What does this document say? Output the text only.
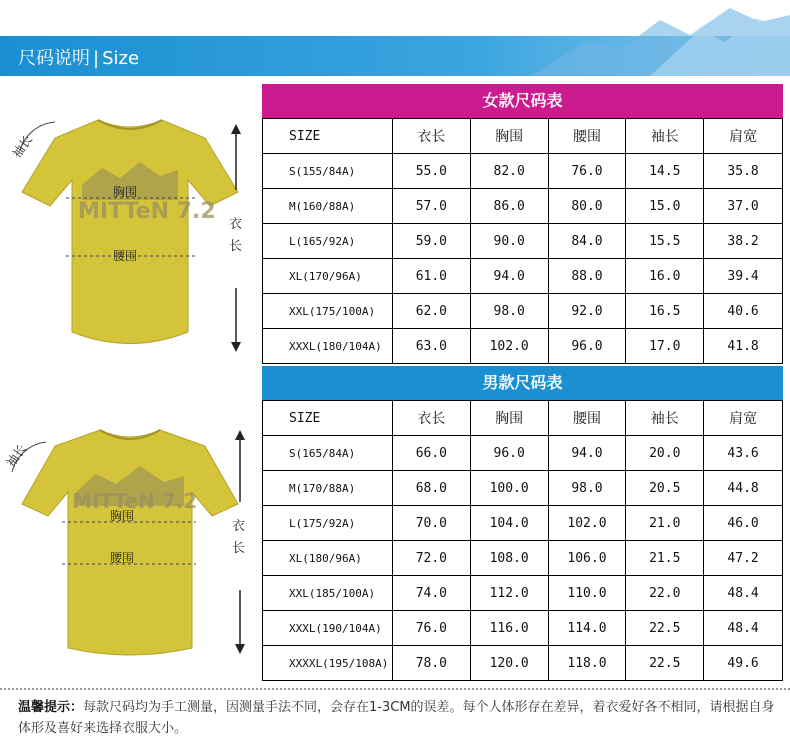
尺码说明 | Size
MITTeN 7.2
袖长
胸围
腰围
衣
长
女款尺码表
SIZE	衣长	胸围	腰围	袖长	肩宽
S(155/84A)	55.0	82.0	76.0	14.5	35.8
M(160/88A)	57.0	86.0	80.0	15.0	37.0
L(165/92A)	59.0	90.0	84.0	15.5	38.2
XL(170/96A)	61.0	94.0	88.0	16.0	39.4
XXL(175/100A)	62.0	98.0	92.0	16.5	40.6
XXXL(180/104A)	63.0	102.0	96.0	17.0	41.8
MITTeN 7.2
袖长
胸围
腰围
衣
长
男款尺码表
SIZE	衣长	胸围	腰围	袖长	肩宽
S(165/84A)	66.0	96.0	94.0	20.0	43.6
M(170/88A)	68.0	100.0	98.0	20.5	44.8
L(175/92A)	70.0	104.0	102.0	21.0	46.0
XL(180/96A)	72.0	108.0	106.0	21.5	47.2
XXL(185/100A)	74.0	112.0	110.0	22.0	48.4
XXXL(190/104A)	76.0	116.0	114.0	22.5	48.4
XXXXL(195/108A)	78.0	120.0	118.0	22.5	49.6
温馨提示：每款尺码均为手工测量，因测量手法不同，会存在1-3CM的误差。每个人体形存在差异，着衣爱好各不相同，请根据自身体形及喜好来选择衣服大小。
